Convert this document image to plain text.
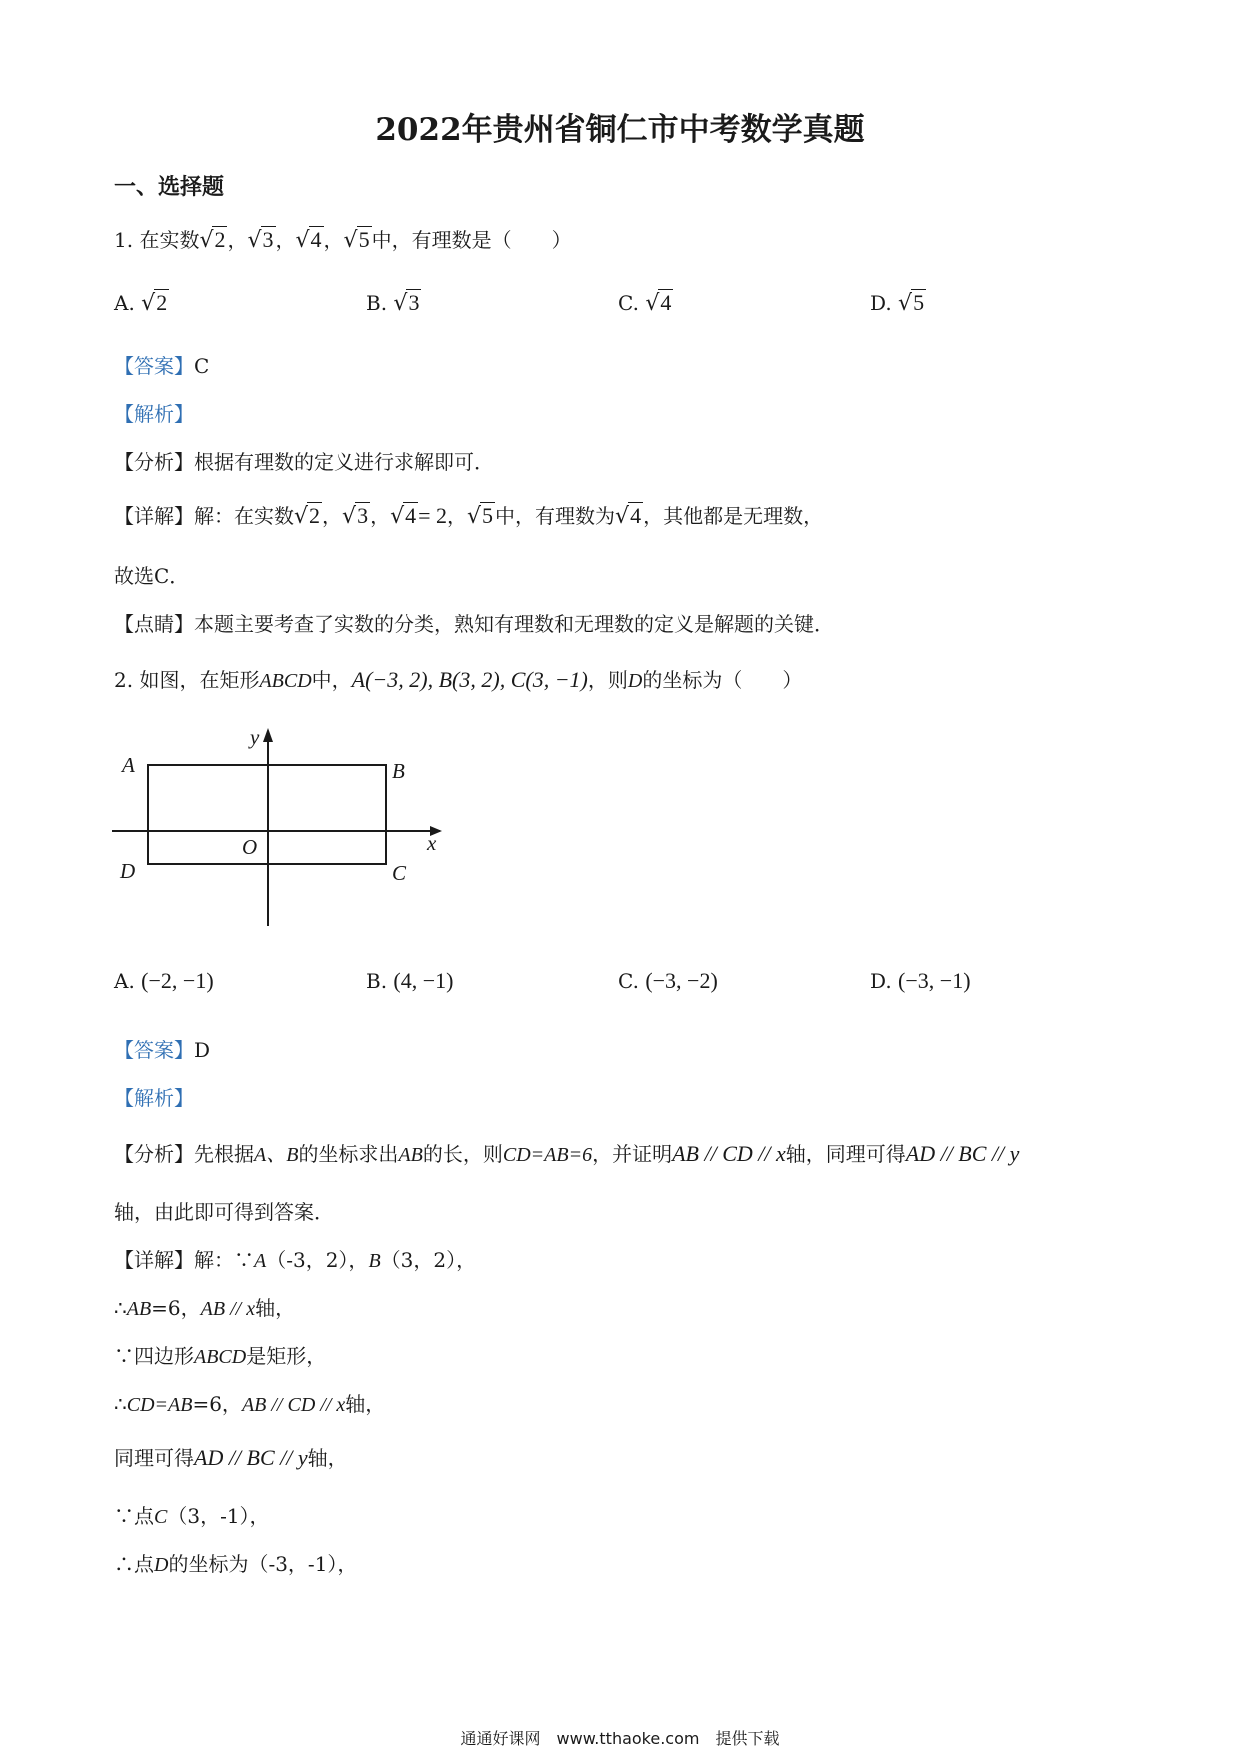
2022年贵州省铜仁市中考数学真题
一、选择题
1. 在实数√2 ，√3 ，√4 ，√5 中，有理数是（　　）
A. √2	B. √3	C. √4	D. √5
【答案】C
【解析】
【分析】根据有理数的定义进行求解即可．
【详解】解：在实数√2 ，√3 ，√4= 2，√5 中，有理数为√4 ，其他都是无理数，
故选C．
【点睛】本题主要考查了实数的分类，熟知有理数和无理数的定义是解题的关键．
2. 如图，在矩形ABCD中，A(−3, 2), B(3, 2), C(3, −1)，则D的坐标为（　　）
y
A	B
x
O
D	C
A. (−2, −1)	B. (4, −1)	C. (−3, −2)	D. (−3, −1)
【答案】D
【解析】
【分析】先根据A、B的坐标求出AB的长，则CD=AB=6，并证明AB // CD // x轴，同理可得AD // BC // y
轴，由此即可得到答案．
【详解】解：∵A（-3，2），B（3，2），
∴AB=6，AB // x轴，
∵四边形ABCD是矩形，
∴CD=AB=6，AB // CD // x轴，
同理可得AD // BC // y轴，
∵点C（3，-1），
∴点D的坐标为（-3，-1），
通通好课网　www.tthaoke.com　提供下载
